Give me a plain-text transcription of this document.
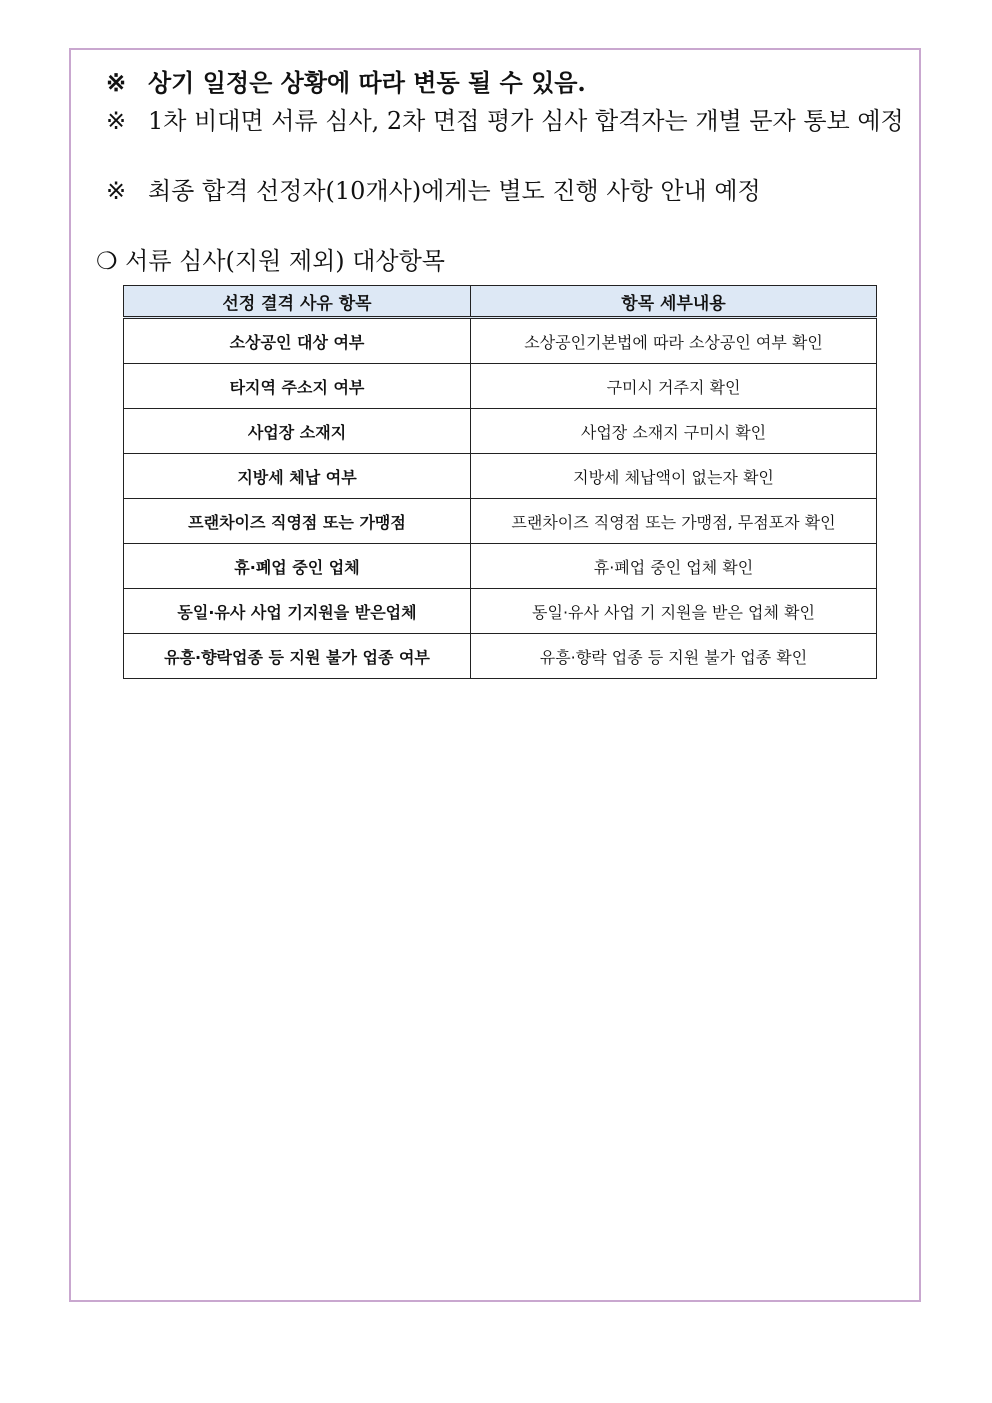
※ 상기 일정은 상황에 따라 변동 될 수 있음.
※ 1차 비대면 서류 심사, 2차 면접 평가 심사 합격자는 개별 문자 통보 예정
※ 최종 합격 선정자(10개사)에게는 별도 진행 사항 안내 예정
❍ 서류 심사(지원 제외) 대상항목
선정 결격 사유 항목	항목 세부내용
소상공인 대상 여부	소상공인기본법에 따라 소상공인 여부 확인
타지역 주소지 여부	구미시 거주지 확인
사업장 소재지	사업장 소재지 구미시 확인
지방세 체납 여부	지방세 체납액이 없는자 확인
프랜차이즈 직영점 또는 가맹점	프랜차이즈 직영점 또는 가맹점, 무점포자 확인
휴·폐업 중인 업체	휴·폐업 중인 업체 확인
동일·유사 사업 기지원을 받은업체	동일·유사 사업 기 지원을 받은 업체 확인
유흥·향락업종 등 지원 불가 업종 여부	유흥·향락 업종 등 지원 불가 업종 확인
